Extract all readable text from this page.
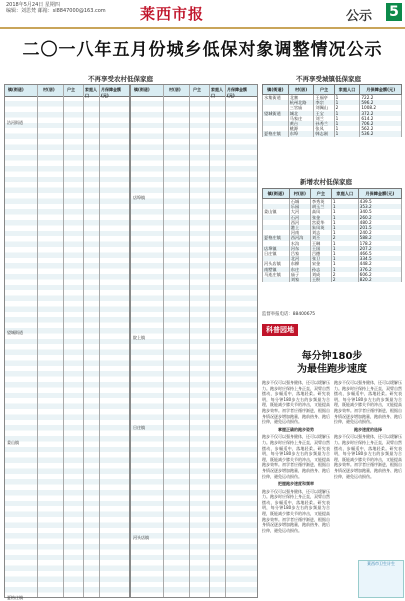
2018年5月24日 星期四
编辑：刘思梵 邮箱：sl8847000@163.com 莱西市报	公示 5
二〇一八年五月份城乡低保对象调整情况公示
不再享受农村低保家庭
镇(街道)	村(居)	户主	家庭人口
月保障金额(元)
沽河街道
望城街道
姜山镇
夏格庄镇
镇(街道)	村(居)	户主	家庭人口
月保障金额(元)
店埠镇
院上镇
日庄镇
河头店镇
不再享受城镇低保家庭
镇(街道)	村(居)	户主	家庭人口	月保障金额(元)
水集街道	北寨	王福亭	1	722.2
	杭州北路	李宗	1	596.2
	三官庙	刘佩山	2	1008.2
望城街道	城北	王宝	1	372.2
	马家庄	刘兰	1	614.2
	黄台	孙秀兰	1	706.2
	桃源	张凤	1	562.2
夏格庄镇	东埠	韩志刚	1	536.2
新增农村低保家庭
镇(街道)	村(居)	户主	家庭人口	月保障金额(元)
	石城	李秀英	1	439.5
	乐园	胡玉兰	1	353.2
姜山镇	大河	高凤	1	340.5
	石河	张金	1	260.2
	西河	宫爱华	1	480.2
	港上	朱凤英	1	201.5
	河南	刘志	1	240.2
夏格庄镇	西河沟	刘丕	2	588.2
	水沟	王琳	1	178.2
店埠镇	河东	王国	1	207.2
日庄镇	吕家	吕德	1	466.5
	北河	张卫	1	334.5
河头店镇	东柳	宋金	1	448.2
南墅镇	东庄	孙志	1	376.2
马连庄镇	庙子	刘成	2	606.2
	刘家	王积	2	820.2
监督举报电话：88400675
科普园地
每分钟180步
为最佳跑步速度
跑步不仅可以强身健体，还可以缓解压力。跑步时应保持上身正直，双臂自然摆动，步幅适中，落地轻柔。研究表明，每分钟180步左右的步频最为合理，既能减少膝关节的冲击，又能提高跑步效率。初学者应循序渐进，根据自身情况逐步增加跑量，跑前热身、跑后拉伸，避免运动损伤。
掌握正确的跑步姿势
跑步不仅可以强身健体，还可以缓解压力。跑步时应保持上身正直，双臂自然摆动，步幅适中，落地轻柔。研究表明，每分钟180步左右的步频最为合理，既能减少膝关节的冲击，又能提高跑步效率。初学者应循序渐进，根据自身情况逐步增加跑量，跑前热身、跑后拉伸，避免运动损伤。
把握跑步速度和频率
跑步不仅可以强身健体，还可以缓解压力。跑步时应保持上身正直，双臂自然摆动，步幅适中，落地轻柔。研究表明，每分钟180步左右的步频最为合理，既能减少膝关节的冲击，又能提高跑步效率。初学者应循序渐进，根据自身情况逐步增加跑量，跑前热身、跑后拉伸，避免运动损伤。
跑步不仅可以强身健体，还可以缓解压力。跑步时应保持上身正直，双臂自然摆动，步幅适中，落地轻柔。研究表明，每分钟180步左右的步频最为合理，既能减少膝关节的冲击，又能提高跑步效率。初学者应循序渐进，根据自身情况逐步增加跑量，跑前热身、跑后拉伸，避免运动损伤。
跑步速度的选择
跑步不仅可以强身健体，还可以缓解压力。跑步时应保持上身正直，双臂自然摆动，步幅适中，落地轻柔。研究表明，每分钟180步左右的步频最为合理，既能减少膝关节的冲击，又能提高跑步效率。初学者应循序渐进，根据自身情况逐步增加跑量，跑前热身、跑后拉伸，避免运动损伤。
莱西市卫生计生
